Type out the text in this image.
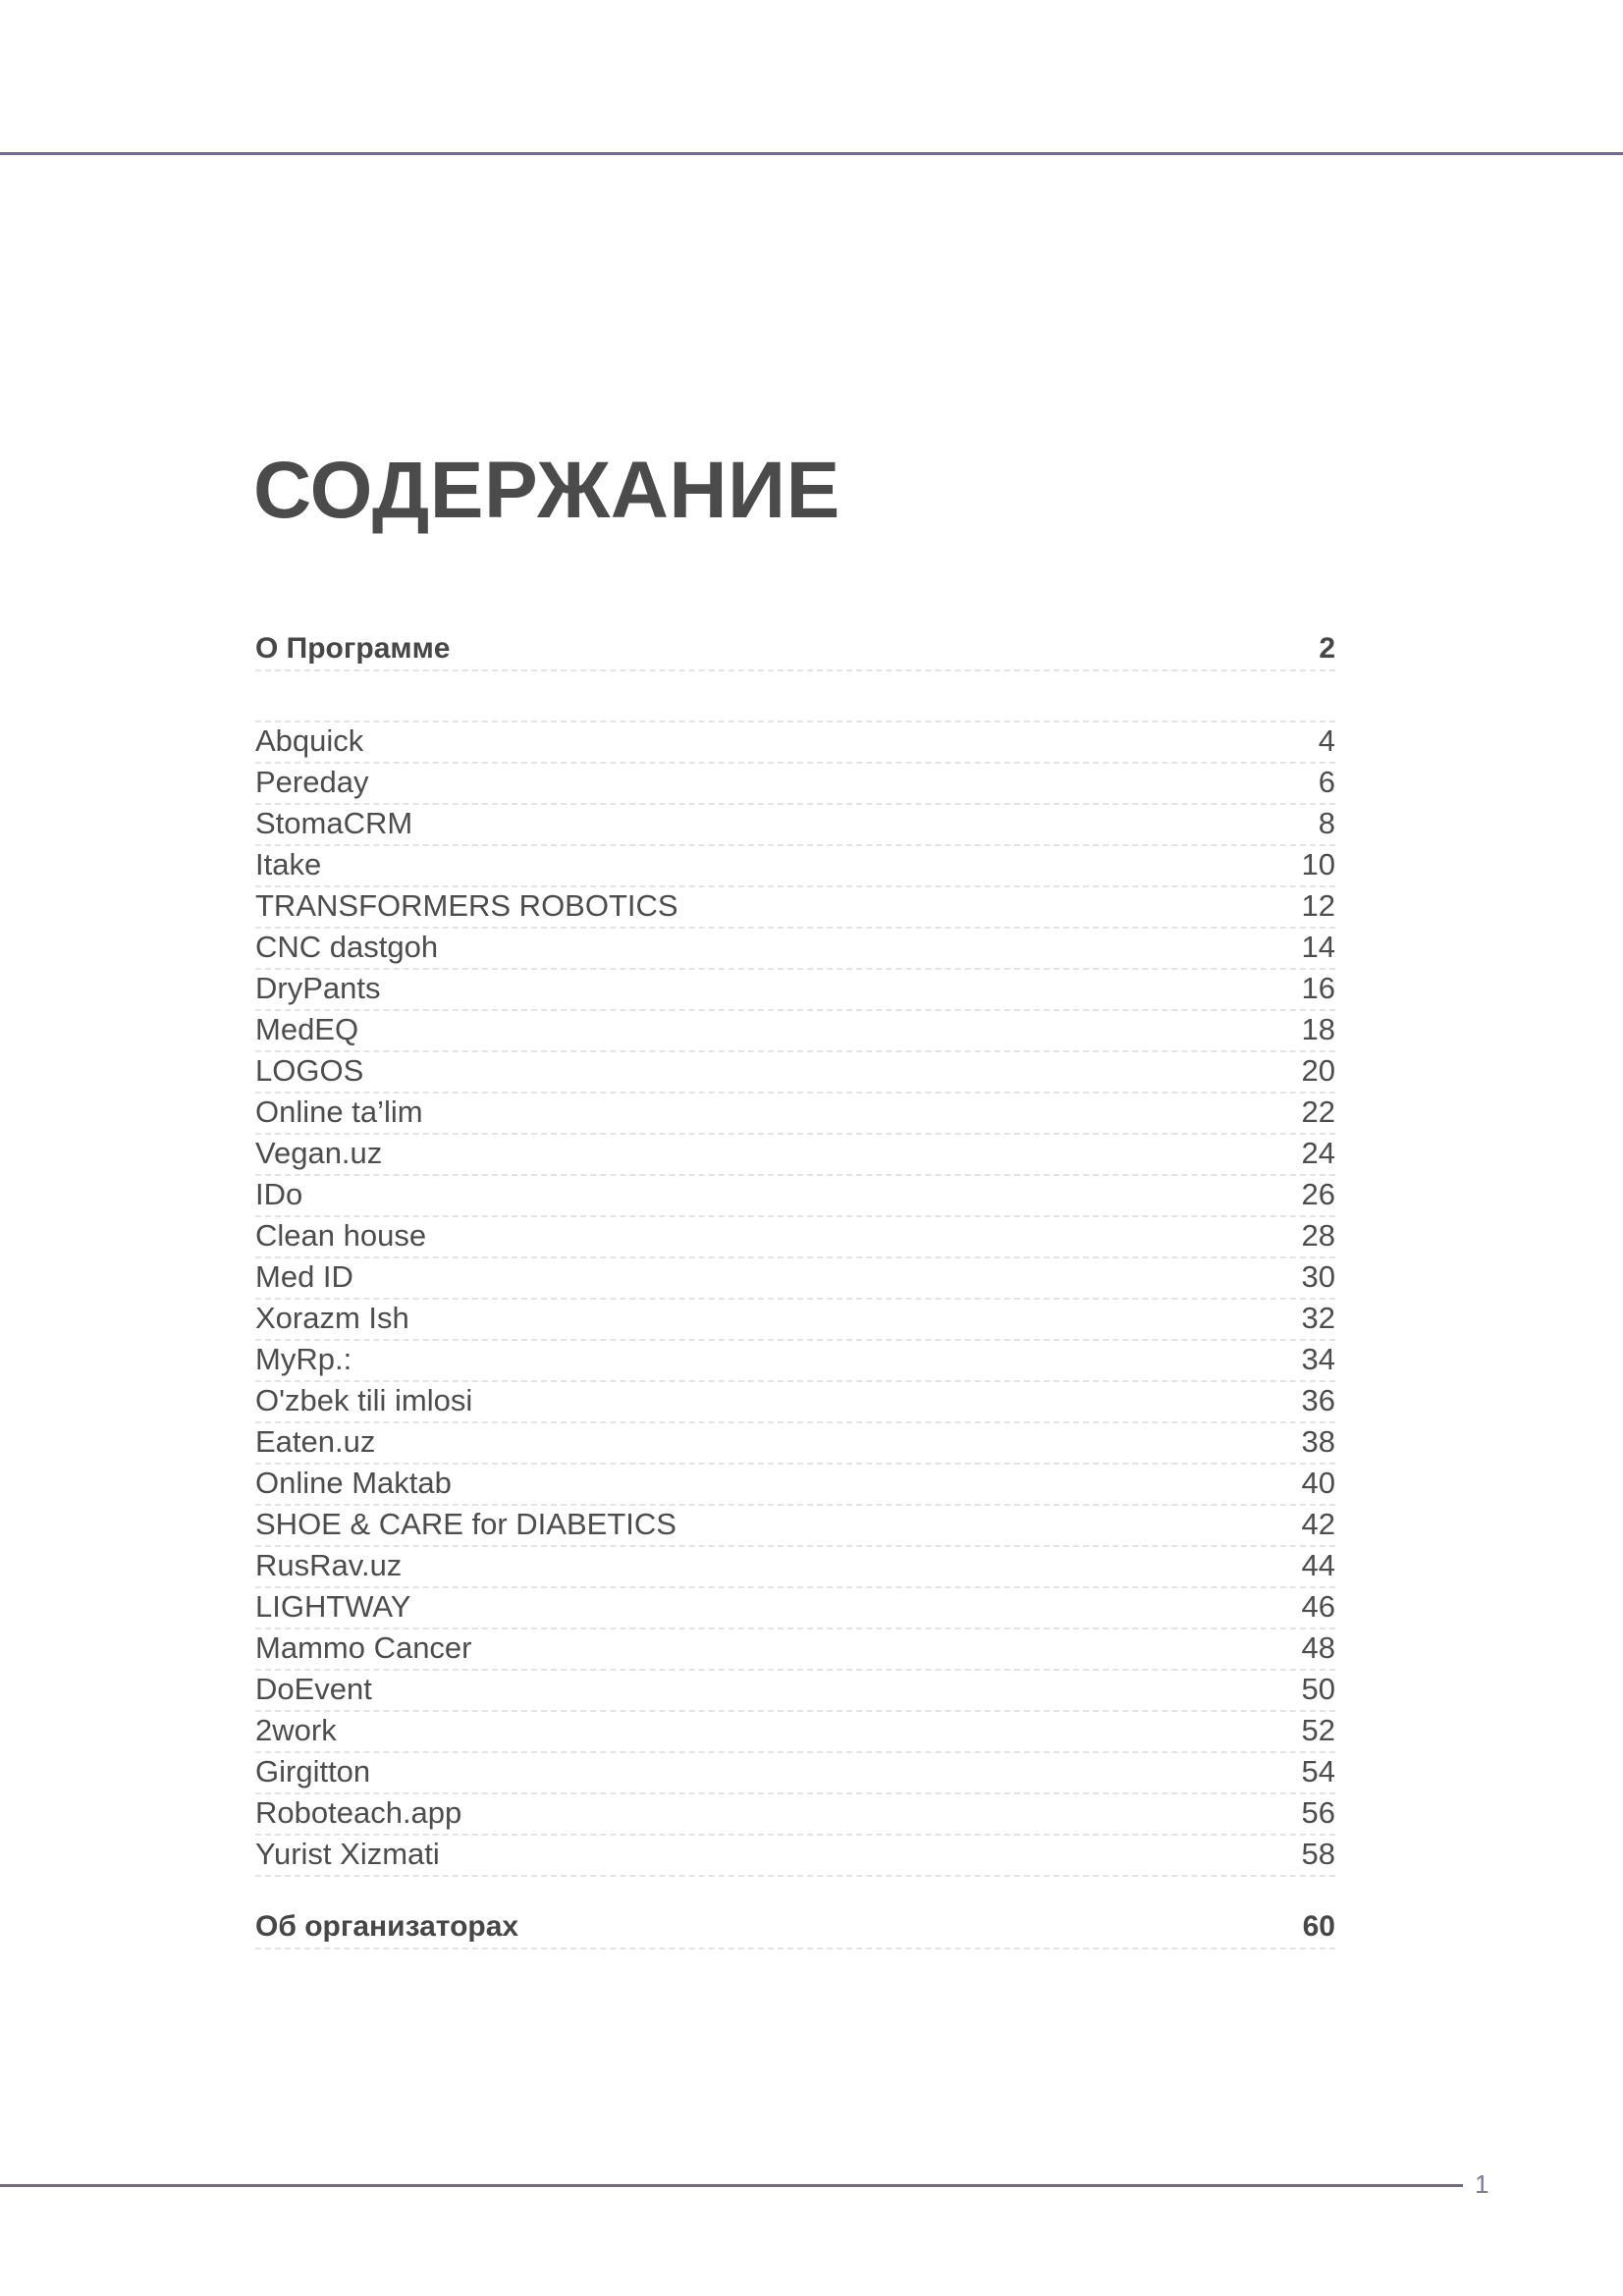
СОДЕРЖАНИЕ
О Программе	2
Abquick	4
Pereday	6
StomaCRM	8
Itake	10
TRANSFORMERS ROBOTICS	12
CNC dastgoh	14
DryPants	16
MedEQ	18
LOGOS	20
Online ta’lim	22
Vegan.uz	24
IDo	26
Clean house	28
Med ID	30
Xorazm Ish	32
MyRp.:	34
O'zbek tili imlosi	36
Eaten.uz	38
Online Maktab	40
SHOE & CARE for DIABETICS	42
RusRav.uz	44
LIGHTWAY	46
Mammo Cancer	48
DoEvent	50
2work	52
Girgitton	54
Roboteach.app	56
Yurist Xizmati	58
Об организаторах	60
1
